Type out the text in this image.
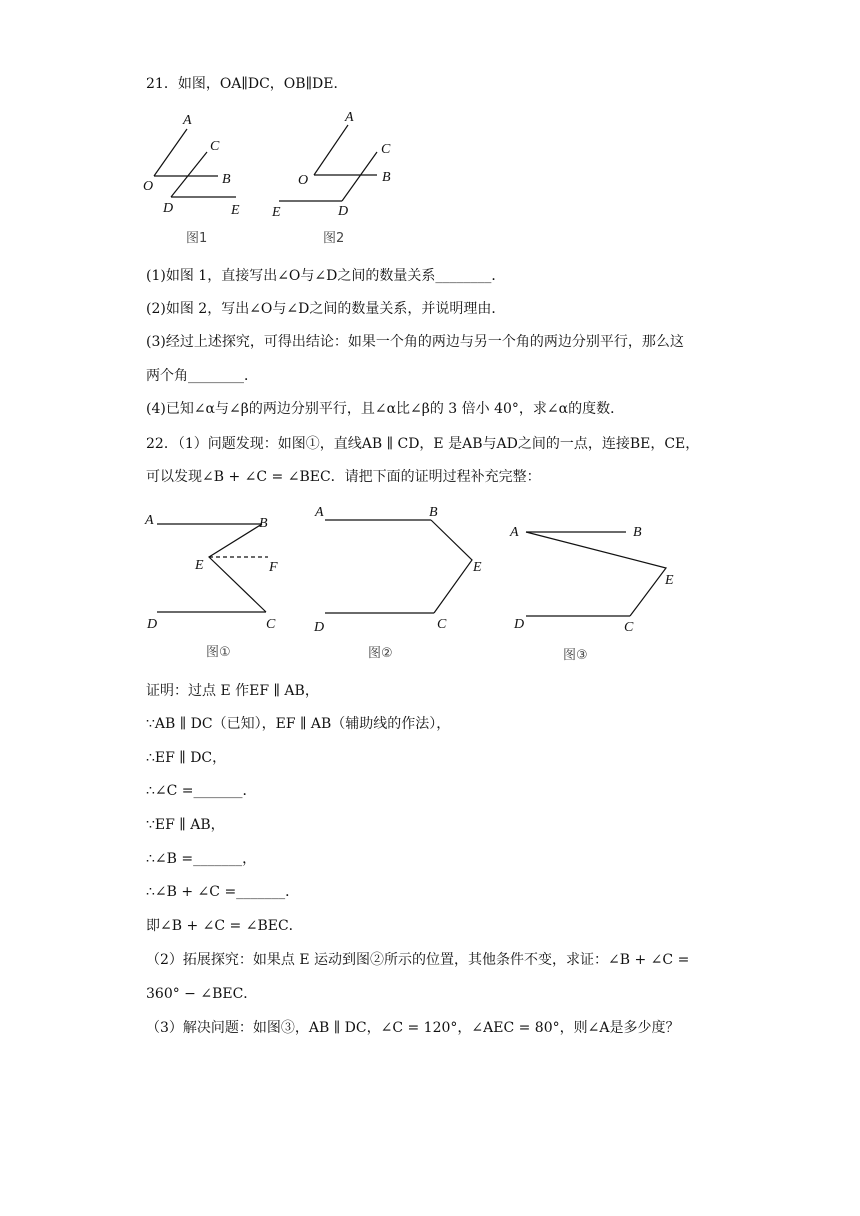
21．如图，OA∥DC，OB∥DE．
A
C
O	B
D	E
图1
A
C
O	B
E	D
图2
(1)如图 1，直接写出∠O与∠D之间的数量关系________．
(2)如图 2，写出∠O与∠D之间的数量关系，并说明理由．
(3)经过上述探究，可得出结论：如果一个角的两边与另一个角的两边分别平行，那么这
两个角________．
(4)已知∠α与∠β的两边分别平行，且∠α比∠β的 3 倍小 40°，求∠α的度数．
22．（1）问题发现：如图①，直线AB ∥ CD，E 是AB与AD之间的一点，连接BE，CE，
可以发现∠B + ∠C = ∠BEC．请把下面的证明过程补充完整：
A	B
E	F
D	C
图①
A	B
E
D	C
图②
A	B
E
D	C
图③
证明：过点 E 作EF ∥ AB，
∵AB ∥ DC（已知），EF ∥ AB（辅助线的作法），
∴EF ∥ DC，
∴∠C =_______．
∵EF ∥ AB，
∴∠B =_______，
∴∠B + ∠C =_______．
即∠B + ∠C = ∠BEC．
（2）拓展探究：如果点 E 运动到图②所示的位置，其他条件不变，求证：∠B + ∠C =
360° − ∠BEC．
（3）解决问题：如图③，AB ∥ DC，∠C = 120°，∠AEC = 80°，则∠A是多少度？
